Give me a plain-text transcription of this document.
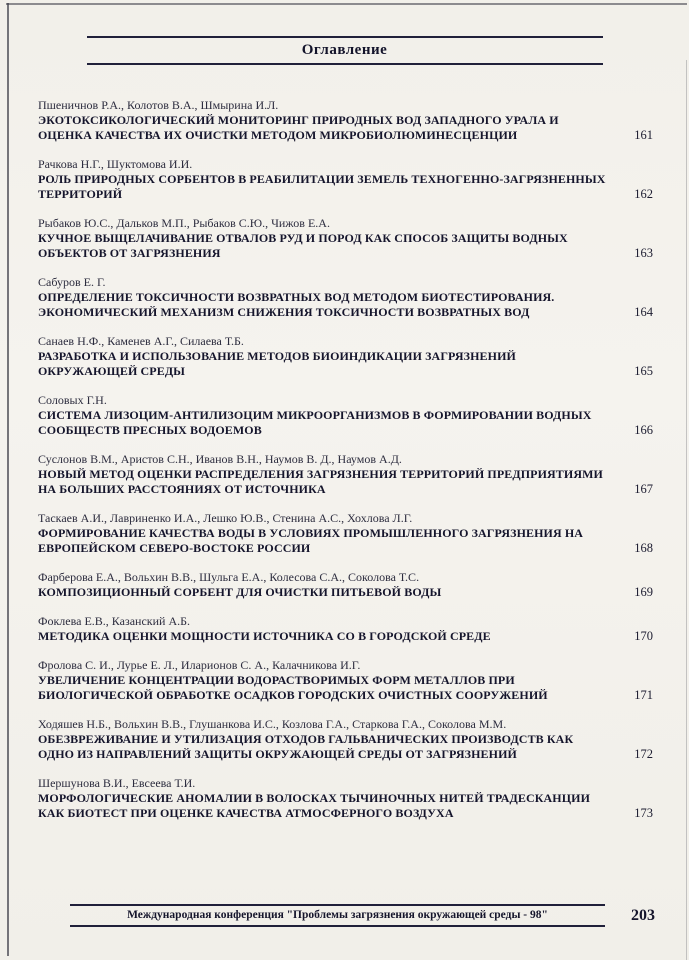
Оглавление
Пшеничнов Р.А., Колотов В.А., Шмырина И.Л.
ЭКОТОКСИКОЛОГИЧЕСКИЙ МОНИТОРИНГ ПРИРОДНЫХ ВОД ЗАПАДНОГО УРАЛА И ОЦЕНКА КАЧЕСТВА ИХ ОЧИСТКИ МЕТОДОМ МИКРОБИОЛЮМИНЕСЦЕНЦИИ	161
Рачкова Н.Г., Шуктомова И.И.
РОЛЬ ПРИРОДНЫХ СОРБЕНТОВ В РЕАБИЛИТАЦИИ ЗЕМЕЛЬ ТЕХНОГЕННО-ЗАГРЯЗНЕННЫХ ТЕРРИТОРИЙ	162
Рыбаков Ю.С., Дальков М.П., Рыбаков С.Ю., Чижов Е.А.
КУЧНОЕ ВЫЩЕЛАЧИВАНИЕ ОТВАЛОВ РУД И ПОРОД КАК СПОСОБ ЗАЩИТЫ ВОДНЫХ ОБЪЕКТОВ ОТ ЗАГРЯЗНЕНИЯ	163
Сабуров Е. Г.
ОПРЕДЕЛЕНИЕ ТОКСИЧНОСТИ ВОЗВРАТНЫХ ВОД МЕТОДОМ БИОТЕСТИРОВАНИЯ. ЭКОНОМИЧЕСКИЙ МЕХАНИЗМ СНИЖЕНИЯ ТОКСИЧНОСТИ ВОЗВРАТНЫХ ВОД	164
Санаев Н.Ф., Каменев А.Г., Силаева Т.Б.
РАЗРАБОТКА И ИСПОЛЬЗОВАНИЕ МЕТОДОВ БИОИНДИКАЦИИ ЗАГРЯЗНЕНИЙ ОКРУЖАЮЩЕЙ СРЕДЫ	165
Соловых Г.Н.
СИСТЕМА ЛИЗОЦИМ-АНТИЛИЗОЦИМ МИКРООРГАНИЗМОВ В ФОРМИРОВАНИИ ВОДНЫХ СООБЩЕСТВ ПРЕСНЫХ ВОДОЕМОВ	166
Суслонов В.М., Аристов С.Н., Иванов В.Н., Наумов В. Д., Наумов А.Д.
НОВЫЙ МЕТОД ОЦЕНКИ РАСПРЕДЕЛЕНИЯ ЗАГРЯЗНЕНИЯ ТЕРРИТОРИЙ ПРЕДПРИЯТИЯМИ НА БОЛЬШИХ РАССТОЯНИЯХ ОТ ИСТОЧНИКА	167
Таскаев А.И., Лавриненко И.А., Лешко Ю.В., Стенина А.С., Хохлова Л.Г.
ФОРМИРОВАНИЕ КАЧЕСТВА ВОДЫ В УСЛОВИЯХ ПРОМЫШЛЕННОГО ЗАГРЯЗНЕНИЯ НА ЕВРОПЕЙСКОМ СЕВЕРО-ВОСТОКЕ РОССИИ	168
Фарберова Е.А., Вольхин В.В., Шульга Е.А., Колесова С.А., Соколова Т.С.
КОМПОЗИЦИОННЫЙ СОРБЕНТ ДЛЯ ОЧИСТКИ ПИТЬЕВОЙ ВОДЫ	169
Фоклева Е.В., Казанский А.Б.
МЕТОДИКА ОЦЕНКИ МОЩНОСТИ ИСТОЧНИКА СО В ГОРОДСКОЙ СРЕДЕ	170
Фролова С. И., Лурье Е. Л., Иларионов С. А., Калачникова И.Г.
УВЕЛИЧЕНИЕ КОНЦЕНТРАЦИИ ВОДОРАСТВОРИМЫХ ФОРМ МЕТАЛЛОВ ПРИ БИОЛОГИЧЕСКОЙ ОБРАБОТКЕ ОСАДКОВ ГОРОДСКИХ ОЧИСТНЫХ СООРУЖЕНИЙ	171
Ходяшев Н.Б., Вольхин В.В., Глушанкова И.С., Козлова Г.А., Старкова Г.А., Соколова М.М.
ОБЕЗВРЕЖИВАНИЕ И УТИЛИЗАЦИЯ ОТХОДОВ ГАЛЬВАНИЧЕСКИХ ПРОИЗВОДСТВ КАК ОДНО ИЗ НАПРАВЛЕНИЙ ЗАЩИТЫ ОКРУЖАЮЩЕЙ СРЕДЫ ОТ ЗАГРЯЗНЕНИЙ	172
Шершунова В.И., Евсеева Т.И.
МОРФОЛОГИЧЕСКИЕ АНОМАЛИИ В ВОЛОСКАХ ТЫЧИНОЧНЫХ НИТЕЙ ТРАДЕСКАНЦИИ КАК БИОТЕСТ ПРИ ОЦЕНКЕ КАЧЕСТВА АТМОСФЕРНОГО ВОЗДУХА	173
Международная конференция "Проблемы загрязнения окружающей среды - 98"	203
